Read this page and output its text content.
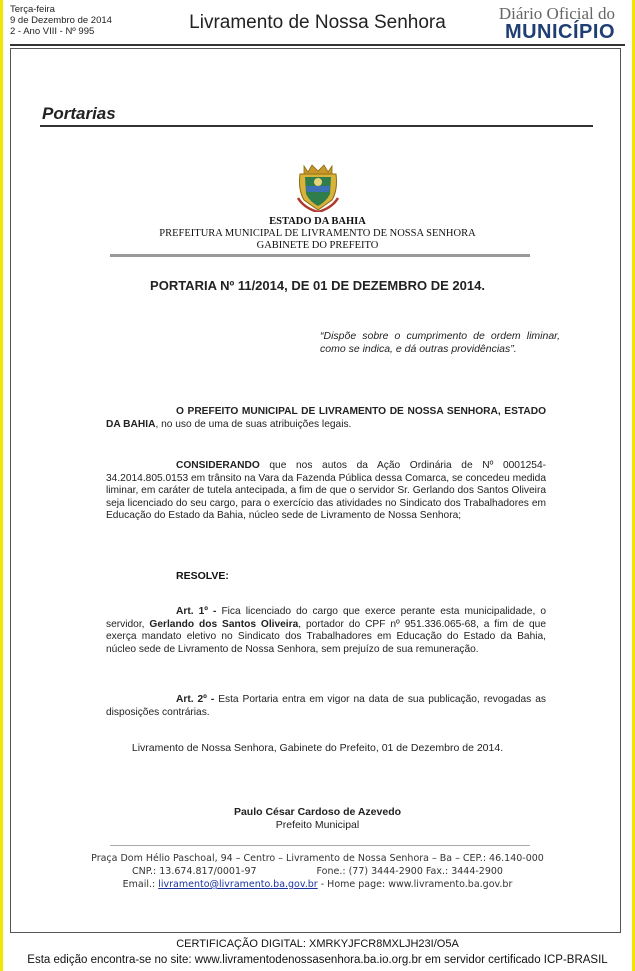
Terça-feira
9 de Dezembro de 2014
2 - Ano VIII - Nº 995	Livramento de Nossa Senhora	Diário Oficial do
MUNICÍPIO
Portarias
ESTADO DA BAHIA
PREFEITURA MUNICIPAL DE LIVRAMENTO DE NOSSA SENHORA
GABINETE DO PREFEITO
PORTARIA Nº 11/2014, DE 01 DE DEZEMBRO DE 2014.
“Dispõe sobre o cumprimento de ordem liminar, como se indica, e dá outras providências”.
O PREFEITO MUNICIPAL DE LIVRAMENTO DE NOSSA SENHORA, ESTADO DA BAHIA, no uso de uma de suas atribuições legais.
CONSIDERANDO que nos autos da Ação Ordinária de Nº 0001254-34.2014.805.0153 em trânsito na Vara da Fazenda Pública dessa Comarca, se concedeu medida liminar, em caráter de tutela antecipada, a fim de que o servidor Sr. Gerlando dos Santos Oliveira seja licenciado do seu cargo, para o exercício das atividades no Sindicato dos Trabalhadores em Educação do Estado da Bahia, núcleo sede de Livramento de Nossa Senhora;
RESOLVE:
Art. 1º - Fica licenciado do cargo que exerce perante esta municipalidade, o servidor, Gerlando dos Santos Oliveira, portador do CPF nº 951.336.065-68, a fim de que exerça mandato eletivo no Sindicato dos Trabalhadores em Educação do Estado da Bahia, núcleo sede de Livramento de Nossa Senhora, sem prejuízo de sua remuneração.
Art. 2º - Esta Portaria entra em vigor na data de sua publicação, revogadas as disposições contrárias.
Livramento de Nossa Senhora, Gabinete do Prefeito, 01 de Dezembro de 2014.
Paulo César Cardoso de Azevedo
Prefeito Municipal
Praça Dom Hélio Paschoal, 94 – Centro – Livramento de Nossa Senhora – Ba – CEP.: 46.140-000
CNP.: 13.674.817/0001-97	Fone.: (77) 3444-2900 Fax.: 3444-2900
Email.: livramento@livramento.ba.gov.br - Home page: www.livramento.ba.gov.br
CERTIFICAÇÃO DIGITAL: XMRKYJFCR8MXLJH23I/O5A
Esta edição encontra-se no site: www.livramentodenossasenhora.ba.io.org.br em servidor certificado ICP-BRASIL
